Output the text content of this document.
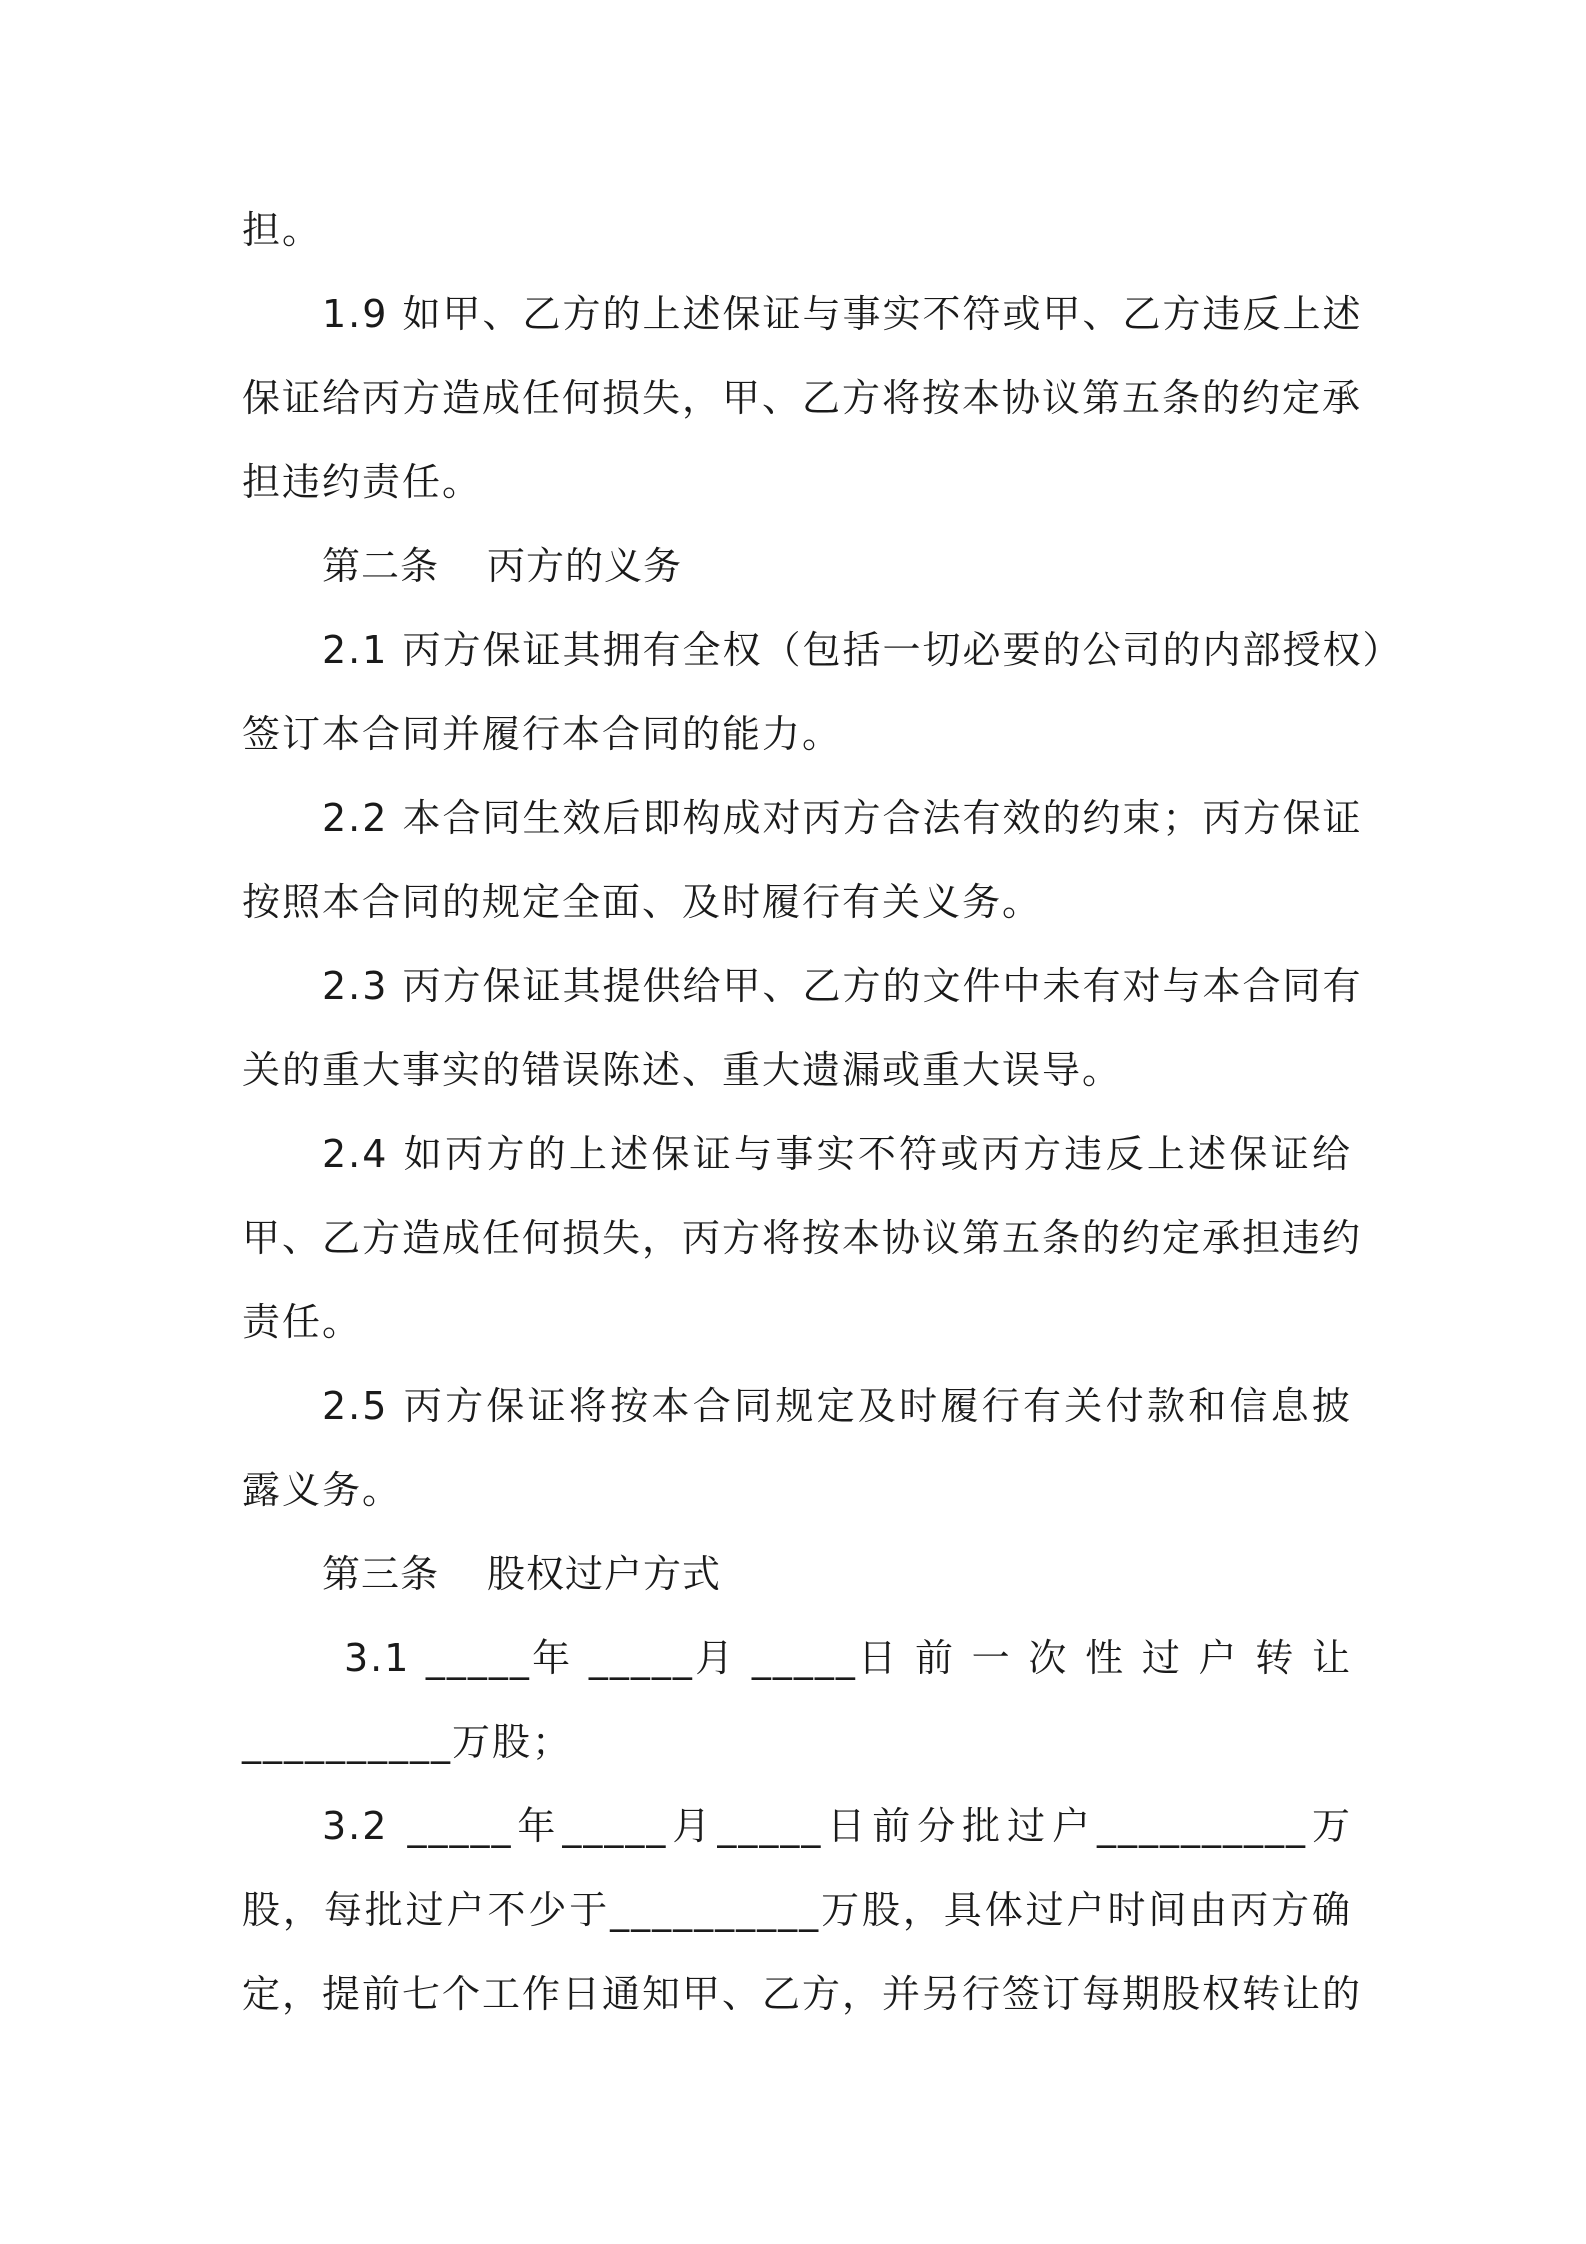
担。
1.9 如甲、乙方的上述保证与事实不符或甲、乙方违反上述
保证给丙方造成任何损失，甲、乙方将按本协议第五条的约定承
担违约责任。
第二条 丙方的义务
2.1 丙方保证其拥有全权（包括一切必要的公司的内部授权）
签订本合同并履行本合同的能力。
2.2 本合同生效后即构成对丙方合法有效的约束；丙方保证
按照本合同的规定全面、及时履行有关义务。
2.3 丙方保证其提供给甲、乙方的文件中未有对与本合同有
关的重大事实的错误陈述、重大遗漏或重大误导。
2.4 如丙方的上述保证与事实不符或丙方违反上述保证给
甲、乙方造成任何损失，丙方将按本协议第五条的约定承担违约
责任。
2.5 丙方保证将按本合同规定及时履行有关付款和信息披
露义务。
第三条 股权过户方式
3.1 _____年 _____月 _____日 前 一 次 性 过 户 转 让
__________万股；
3.2 _____年_____月_____日前分批过户__________万
股，每批过户不少于__________万股，具体过户时间由丙方确
定，提前七个工作日通知甲、乙方，并另行签订每期股权转让的
